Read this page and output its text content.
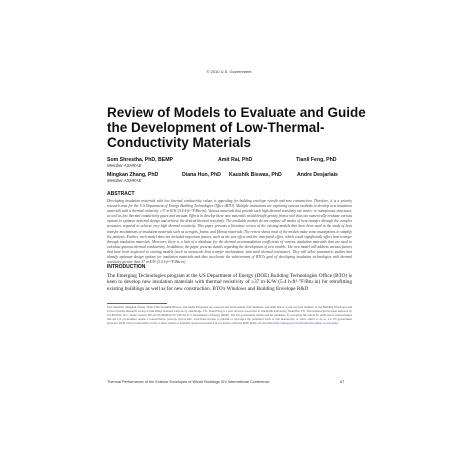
© 2010 U.S. Government
Review of Models to Evaluate and Guide the Development of Low-Thermal-Conductivity Materials
Som Shrestha, PhD, BEMP
Member ASHRAE
Amit Rai, PhD	Tianli Feng, PhD
Mingkan Zhang, PhD
Member ASHRAE
Diana Hun, PhD Kaushik Biswas, PhD	Andre Desjarlais
ABSTRACT

Developing insulation materials with low thermal conductivity values is appealing for building envelope retrofit and new construction. Therefore, it is a priority research area for the U.S Department of Energy Building Technologies Office (BTO). Multiple institutions are exploring various methods to develop new insulation materials with a thermal resistivity ≥37 m·K/W (5.4 h·ft²·°F/Btu·in). Various materials that provide such high thermal resistivity use micro- or nanoporous structures, as well as low thermal conductivity gases and vacuum. Efforts to develop these new materials would benefit greatly from a tool that can numerically evaluate various options to optimize material design and achieve the desired thermal resistivity. The available models do not capture all modes of heat transfer through the complex structures required to achieve very high thermal resistivity. This paper presents a literature review of the existing models that have been used in the study of heat transfer mechanisms of insulation materials such as aerogels, foams, and fibrous materials. The review shows most of the models make some assumptions to simplify the analysis. Further, each model does not included important factors, such as the size effect and the interfacial effect, which could significantly affect heat transfer through insulation materials. Moreover, there is a lack of a database for the thermal accommodation coefficients of various insulation materials that are used to calculate gaseous thermal conductivity. In addition, the paper presents details regarding the development of new models. The new model will address various factors that have been neglected in existing models (such as nanoscale heat transfer mechanisms, structural thermal resistance). They will allow parametric studies that identify optimum design options for insulation materials and thus accelerate the achievement of BTO's goal of developing insulation technologies with thermal resistivity greater than 37 m·K/W (5.4 h·ft²·°F/Btu·in).

INTRODUCTION

The Emerging Technologies program at the US Department of Energy (DOE) Building Technologies Office (BTO) is keen to develop new insulation materials with thermal resistivity of ≥37 m·K/W (5.4 h·ft²·°F/Btu·in) for retrofitting existing buildings as well as for new construction. BTO's Windows and Building Envelope R&D

Som Shrestha, Mingkan Zhang, Diana Hun, Kaushik Biswas, and Andre Desjarlais are research and development staff members, and Amit Rai is a post-doctoral member of the Building Envelopes and Urban Systems Research Group at Oak Ridge National Laboratory, Oak Ridge, TN. Tianli Feng is a post-doctoral researcher at Vanderbilt University, Nashville, TN. This manuscript has been authored by UT-Battelle, LLC, under contract DE-AC05-00OR22725 with the U.S. Department of Energy (DOE). The US government retains and the publisher, by accepting the article for publication, acknowledges that the US government retains a nonexclusive, paid-up, irrevocable, worldwide license to publish or reproduce the published form of this manuscript, or allow others to do so, for US government purposes. DOE will provide public access to these results of federally sponsored research in accordance with the DOE Public Access Plan (http://energy.gov/downloads/doe-public-access-plan).
Thermal Performance of the Exterior Envelopes of Whole Buildings XIV International Conference	67
